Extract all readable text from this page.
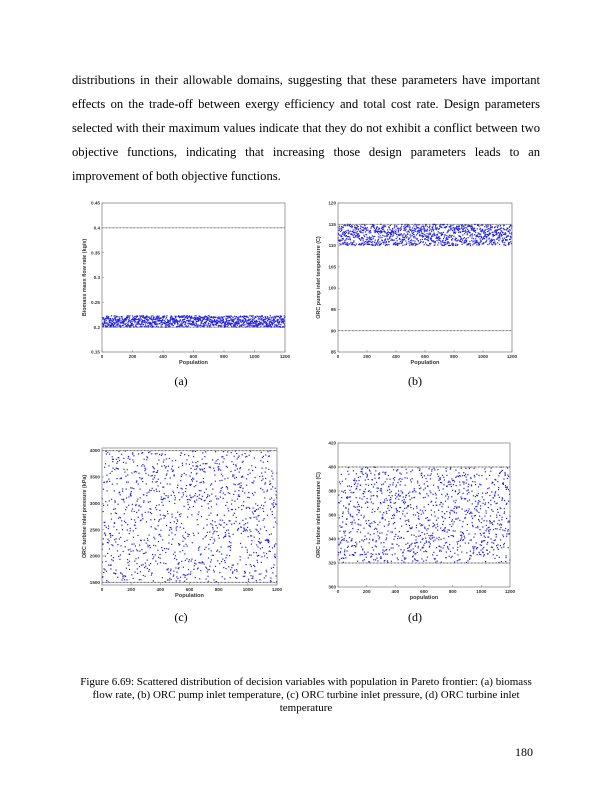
distributions in their allowable domains, suggesting that these parameters have important effects on the trade-off between exergy efficiency and total cost rate. Design parameters selected with their maximum values indicate that they do not exhibit a conflict between two objective functions, indicating that increasing those design parameters leads to an improvement of both objective functions.
0	200	400	600	800	1000	1200
0.15
0.2
0.25
0.3
0.35
0.4
0.45
Population
Biomass mass flow rate (kg/s)
0	200	400	600	800	1000	1200
85
90
95
100
105
110
115
120
Population
ORC pump inlet temperature (C)
0	200	400	600	800	1000	1200
1500
2000
2500
3000
3500
4000
Population
ORC turbine inlet pressure (kPa)
0	200	400	600	800	1000	1200
300
320
340
360
380
400
420
population
ORC turbine inlet temperature (C)
(a)	(b)
(c)	(d)
Figure 6.69: Scattered distribution of decision variables with population in Pareto frontier: (a) biomass flow rate, (b) ORC pump inlet temperature, (c) ORC turbine inlet pressure, (d) ORC turbine inlet temperature
180
